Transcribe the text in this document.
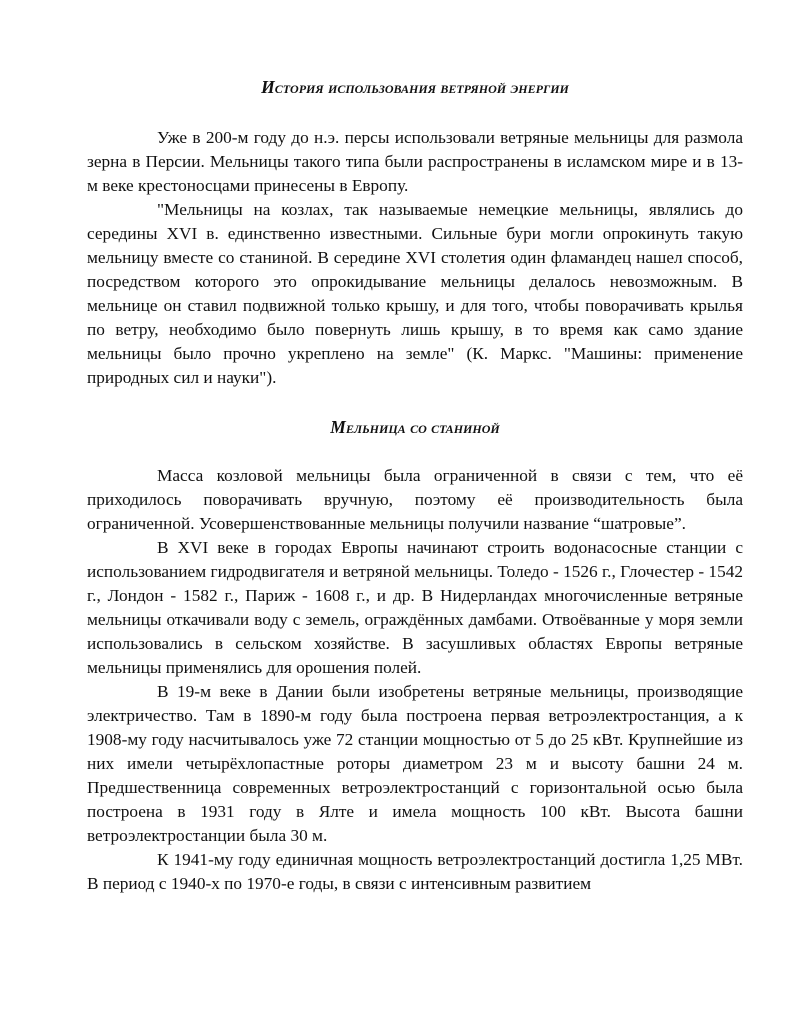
История использования ветряной энергии

Уже в 200-м году до н.э. персы использовали ветряные мельницы для размола зерна в Персии. Мельницы такого типа были распространены в исламском мире и в 13-м веке крестоносцами принесены в Европу.

"Мельницы на козлах, так называемые немецкие мельницы, являлись до середины XVI в. единственно известными. Сильные бури могли опрокинуть такую мельницу вместе со станиной. В середине XVI столетия один фламандец нашел способ, посредством которого это опрокидывание мельницы делалось невозможным. В мельнице он ставил подвижной только крышу, и для того, чтобы поворачивать крылья по ветру, необходимо было повернуть лишь крышу, в то время как само здание мельницы было прочно укреплено на земле" (К. Маркс. "Машины: применение природных сил и науки").

Мельница со станиной

Масса козловой мельницы была ограниченной в связи с тем, что её приходилось поворачивать вручную, поэтому её производительность была ограниченной. Усовершенствованные мельницы получили название “шатровые”.

В XVI веке в городах Европы начинают строить водонасосные станции с использованием гидродвигателя и ветряной мельницы. Толедо - 1526 г., Глочестер - 1542 г., Лондон - 1582 г., Париж - 1608 г., и др. В Нидерландах многочисленные ветряные мельницы откачивали воду с земель, ограждённых дамбами. Отвоёванные у моря земли использовались в сельском хозяйстве. В засушливых областях Европы ветряные мельницы применялись для орошения полей.

В 19-м веке в Дании были изобретены ветряные мельницы, производящие электричество. Там в 1890-м году была построена первая ветроэлектростанция, а к 1908-му году насчитывалось уже 72 станции мощностью от 5 до 25 кВт. Крупнейшие из них имели четырёхлопастные роторы диаметром 23 м и высоту башни 24 м. Предшественница современных ветроэлектростанций с горизонтальной осью была построена в 1931 году в Ялте и имела мощность 100 кВт. Высота башни ветроэлектростанции была 30 м.

К 1941-му году единичная мощность ветроэлектростанций достигла 1,25 МВт. В период с 1940-х по 1970-е годы, в связи с интенсивным развитием
